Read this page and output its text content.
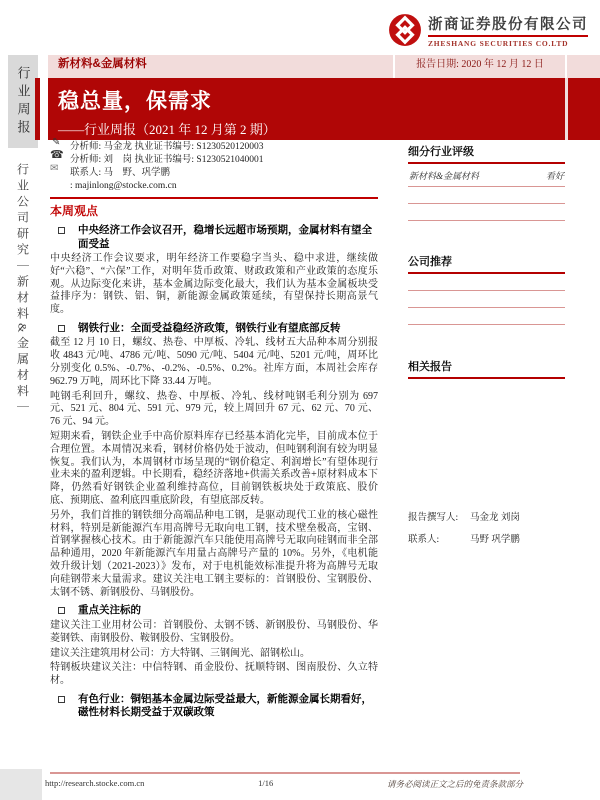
行业周报
行业公司研究｜新材料&金属材料｜
浙商证券股份有限公司
ZHESHANG SECURITIES CO.LTD
新材料&金属材料	报告日期: 2020 年 12 月 12 日
稳总量，保需求
——行业周报（2021 年 12 月第 2 期）
✎
☎
✉
分析师: 马金龙 执业证书编号: S1230520120003
分析师: 刘　岗 执业证书编号: S1230521040001
联系人: 马　野、巩学鹏
: majinlong@stocke.com.cn
本周观点
中央经济工作会议召开，稳增长远超市场预期，金属材料有望全面受益

中央经济工作会议要求，明年经济工作要稳字当头、稳中求进，继续做好“六稳”、“六保”工作，对明年货币政策、财政政策和产业政策的态度乐观。从边际变化来讲，基本金属边际变化最大，我们认为基本金属板块受益排序为：钢铁、铝、铜，新能源金属政策延续，有望保持长期高景气度。

钢铁行业：全面受益稳经济政策，钢铁行业有望底部反转

截至 12 月 10 日，螺纹、热卷、中厚板、冷轧、线材五大品种本周分别报收 4843 元/吨、4786 元/吨、5090 元/吨、5404 元/吨、5201 元/吨，周环比分别变化 0.5%、-0.7%、-0.2%、-0.5%、0.2%。社库方面，本周社会库存 962.79 万吨，周环比下降 33.44 万吨。

吨钢毛利回升，螺纹、热卷、中厚板、冷轧、线材吨钢毛利分别为 697 元、521 元、804 元、591 元、979 元，较上周回升 67 元、62 元、70 元、76 元、94 元。

短期来看，钢铁企业手中高价原料库存已经基本消化完毕，目前成本位于合理位置。本周情况来看，钢材价格仍处于波动，但吨钢利润有较为明显恢复。我们认为，本周钢材市场呈现的“钢价稳定、利润增长”有望体现行业未来的盈利逻辑。中长期看，稳经济落地+供需关系改善+原材料成本下降，仍然看好钢铁企业盈利维持高位，目前钢铁板块处于政策底、股价底、预期底、盈利底四重底阶段，有望底部反转。

另外，我们首推的钢铁细分高端品种电工钢，是驱动现代工业的核心磁性材料，特别是新能源汽车用高牌号无取向电工钢，技术壁垒极高，宝钢、首钢掌握核心技术。由于新能源汽车只能使用高牌号无取向硅钢而非全部品种通用，2020 年新能源汽车用量占高牌号产量的 10%。另外，《电机能效升级计划（2021-2023）》发布，对于电机能效标准提升将为高牌号无取向硅钢带来大量需求。建议关注电工钢主要标的：首钢股份、宝钢股份、太钢不锈、新钢股份、马钢股份。

重点关注标的

建议关注工业用材公司：首钢股份、太钢不锈、新钢股份、马钢股份、华菱钢铁、南钢股份、鞍钢股份、宝钢股份。

建议关注建筑用材公司：方大特钢、三钢闽光、韶钢松山。

特钢板块建议关注：中信特钢、甬金股份、抚顺特钢、图南股份、久立特材。

有色行业：铜铝基本金属边际受益最大，新能源金属长期看好，磁性材料长期受益于双碳政策
细分行业评级
新材料&金属材料	看好
公司推荐
相关报告
报告撰写人:	马金龙 刘岗
联系人:	马野 巩学鹏
http://research.stocke.com.cn	1/16	请务必阅读正文之后的免责条款部分
